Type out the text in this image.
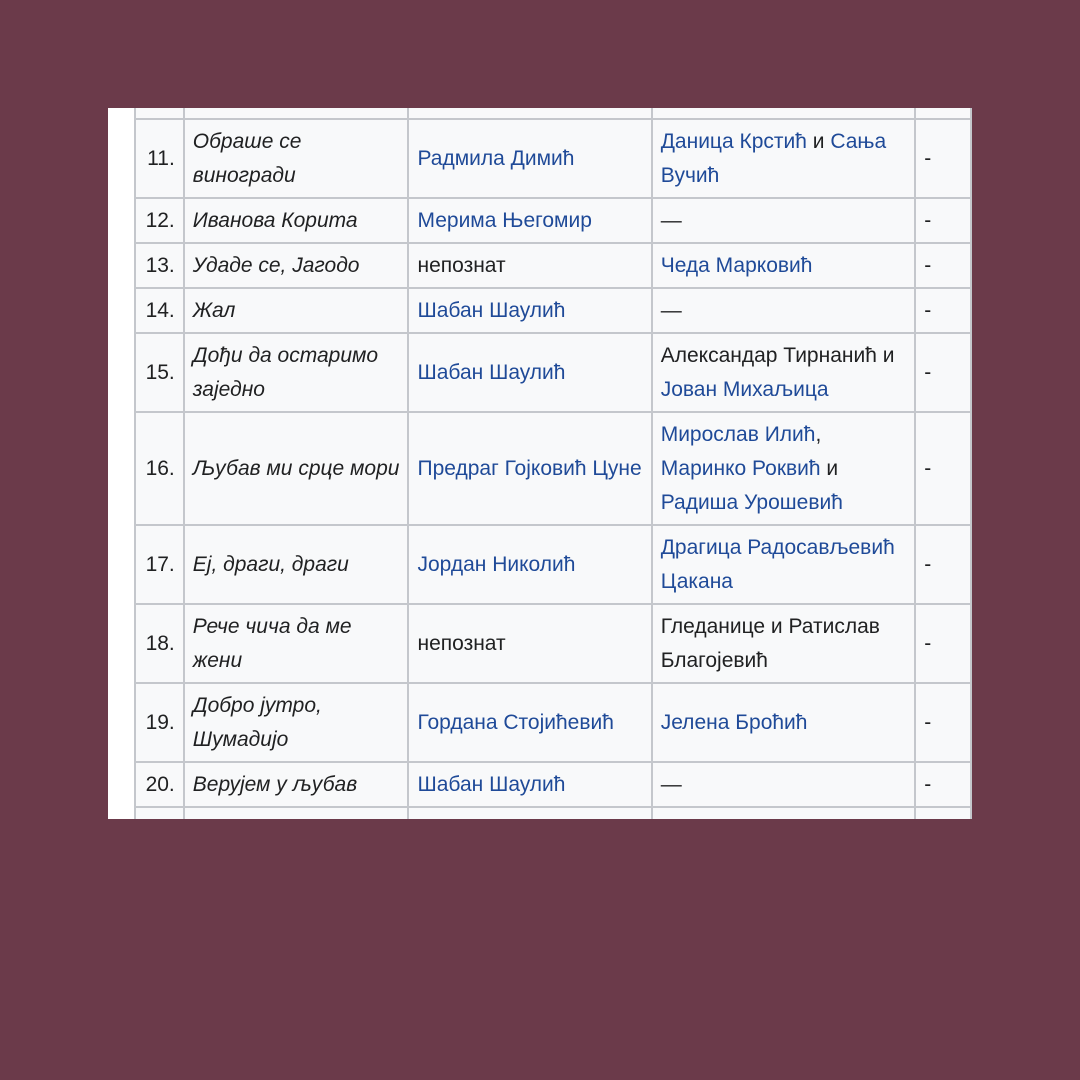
11.	Обраше се виногради	Радмила Димић	Даница Крстић и Сања Вучић	‐
12.	Иванова Корита	Мерима Његомир	—	‐
13.	Удаде се, Јагодо	непознат	Чеда Марковић	‐
14.	Жал	Шабан Шаулић	—	‐
15.	Дођи да остаримо заједно	Шабан Шаулић	Александар Тирнанић и Јован Михаљица	‐
16.	Љубав ми срце мори	Предраг Гојковић Цуне	Мирослав Илић, Маринко Роквић и Радиша Урошевић	‐
17.	Еј, драги, драги	Јордан Николић	Драгица Радосављевић Цакана	‐
18.	Рече чича да ме жени	непознат	Гледанице и Ратислав Благојевић	‐
19.	Добро јутро, Шумадијо	Гордана Стојићевић	Јелена Броћић	‐
20.	Верујем у љубав	Шабан Шаулић	—	‐
